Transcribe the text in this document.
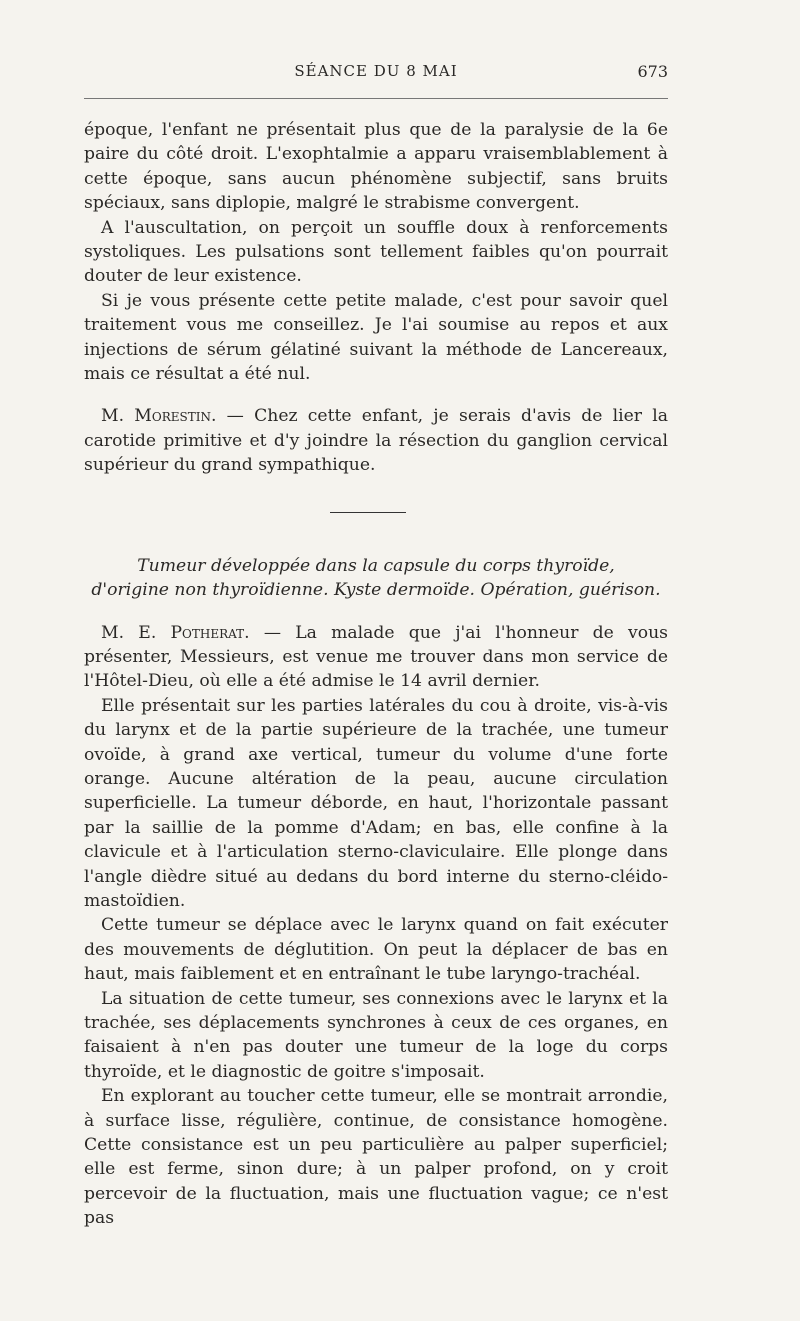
SÉANCE DU 8 MAI	673

époque, l'enfant ne présentait plus que de la paralysie de la 6e paire du côté droit. L'exophtalmie a apparu vraisemblablement à cette époque, sans aucun phénomène subjectif, sans bruits spéciaux, sans diplopie, malgré le strabisme convergent.

A l'auscultation, on perçoit un souffle doux à renforcements systoliques. Les pulsations sont tellement faibles qu'on pourrait douter de leur existence.

Si je vous présente cette petite malade, c'est pour savoir quel traitement vous me conseillez. Je l'ai soumise au repos et aux injections de sérum gélatiné suivant la méthode de Lancereaux, mais ce résultat a été nul.

M. Morestin. — Chez cette enfant, je serais d'avis de lier la carotide primitive et d'y joindre la résection du ganglion cervical supérieur du grand sympathique.

Tumeur développée dans la capsule du corps thyroïde,

d'origine non thyroïdienne. Kyste dermoïde. Opération, guérison.

M. E. Potherat. — La malade que j'ai l'honneur de vous présenter, Messieurs, est venue me trouver dans mon service de l'Hôtel-Dieu, où elle a été admise le 14 avril dernier.

Elle présentait sur les parties latérales du cou à droite, vis-à-vis du larynx et de la partie supérieure de la trachée, une tumeur ovoïde, à grand axe vertical, tumeur du volume d'une forte orange. Aucune altération de la peau, aucune circulation superficielle. La tumeur déborde, en haut, l'horizontale passant par la saillie de la pomme d'Adam; en bas, elle confine à la clavicule et à l'articulation sterno-claviculaire. Elle plonge dans l'angle dièdre situé au dedans du bord interne du sterno-cléido-mastoïdien.

Cette tumeur se déplace avec le larynx quand on fait exécuter des mouvements de déglutition. On peut la déplacer de bas en haut, mais faiblement et en entraînant le tube laryngo-trachéal.

La situation de cette tumeur, ses connexions avec le larynx et la trachée, ses déplacements synchrones à ceux de ces organes, en faisaient à n'en pas douter une tumeur de la loge du corps thyroïde, et le diagnostic de goitre s'imposait.

En explorant au toucher cette tumeur, elle se montrait arrondie, à surface lisse, régulière, continue, de consistance homogène. Cette consistance est un peu particulière au palper superficiel; elle est ferme, sinon dure; à un palper profond, on y croit percevoir de la fluctuation, mais une fluctuation vague; ce n'est pas
